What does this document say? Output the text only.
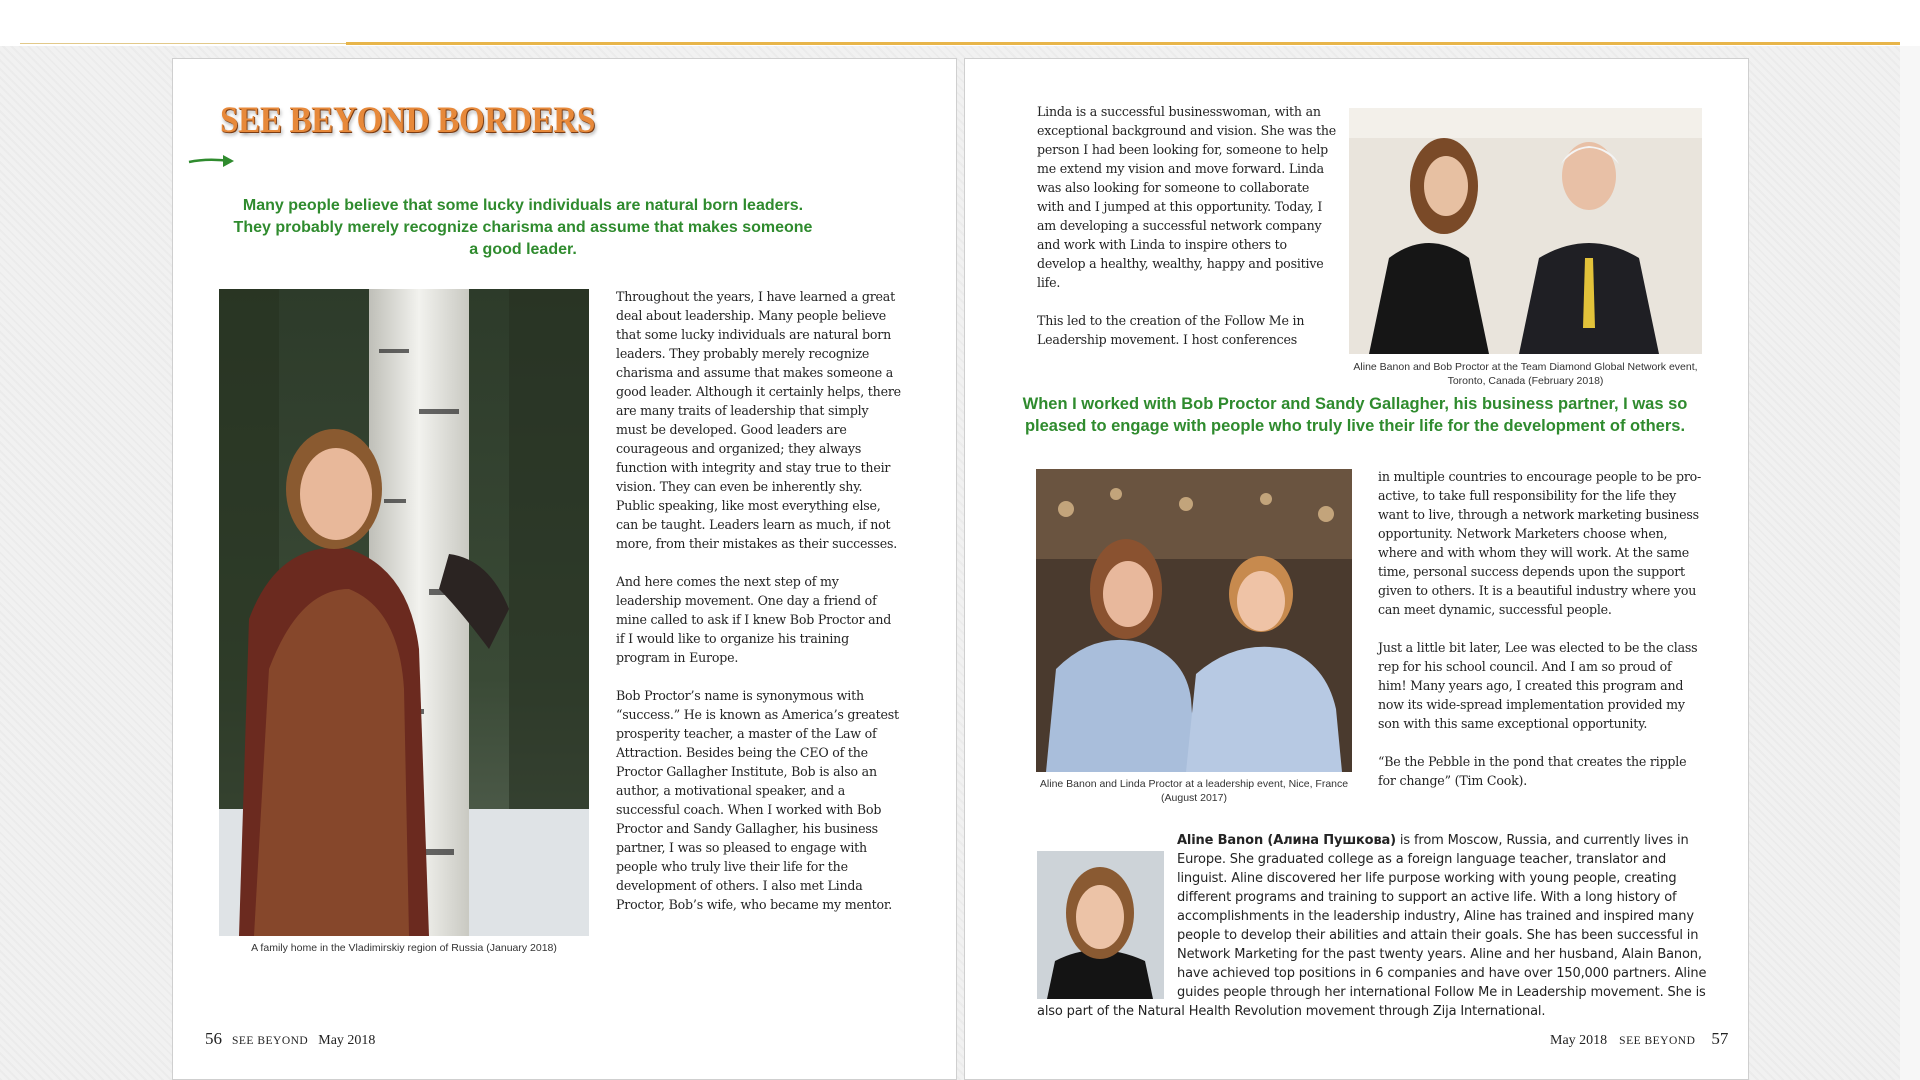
SEE BEYOND BORDERS
Many people believe that some lucky individuals are natural born leaders. They probably merely recognize charisma and assume that makes someone a good leader.
A family home in the Vladimirskiy region of Russia (January 2018)

Throughout the years, I have learned a great deal about leadership. Many people believe that some lucky individuals are natural born leaders. They probably merely recognize charisma and assume that makes someone a good leader. Although it certainly helps, there are many traits of leadership that simply must be developed. Good leaders are courageous and organized; they always function with integrity and stay true to their vision. They can even be inherently shy. Public speaking, like most everything else, can be taught. Leaders learn as much, if not more, from their mistakes as their successes.

And here comes the next step of my leadership movement. One day a friend of mine called to ask if I knew Bob Proctor and if I would like to organize his training program in Europe.

Bob Proctor’s name is synonymous with “success.” He is known as America’s greatest prosperity teacher, a master of the Law of Attraction. Besides being the CEO of the Proctor Gallagher Institute, Bob is also an author, a motivational speaker, and a successful coach. When I worked with Bob Proctor and Sandy Gallagher, his business partner, I was so pleased to engage with people who truly live their life for the development of others. I also met Linda Proctor, Bob’s wife, who became my mentor.

56 SEE BEYOND May 2018

Linda is a successful businesswoman, with an exceptional background and vision. She was the person I had been looking for, someone to help me extend my vision and move forward. Linda was also looking for someone to collaborate with and I jumped at this opportunity. Today, I am developing a successful network company and work with Linda to inspire others to develop a healthy, wealthy, happy and positive life.

This led to the creation of the Follow Me in Leadership movement. I host conferences

Aline Banon and Bob Proctor at the Team Diamond Global Network event, Toronto, Canada (February 2018)
When I worked with Bob Proctor and Sandy Gallagher, his business partner, I was so pleased to engage with people who truly live their life for the development of others.
Aline Banon and Linda Proctor at a leadership event, Nice, France (August 2017)

in multiple countries to encourage people to be pro-active, to take full responsibility for the life they want to live, through a network marketing business opportunity. Network Marketers choose when, where and with whom they will work. At the same time, personal success depends upon the support given to others. It is a beautiful industry where you can meet dynamic, successful people.

Just a little bit later, Lee was elected to be the class rep for his school council. And I am so proud of him! Many years ago, I created this program and now its wide-spread implementation provided my son with this same exceptional opportunity.

“Be the Pebble in the pond that creates the ripple for change” (Tim Cook).

Aline Banon (Алина Пушкова) is from Moscow, Russia, and currently lives in Europe. She graduated college as a foreign language teacher, translator and linguist. Aline discovered her life purpose working with young people, creating different programs and training to support an active life. With a long history of accomplishments in the leadership industry, Aline has trained and inspired many people to develop their abilities and attain their goals. She has been successful in Network Marketing for the past twenty years. Aline and her husband, Alain Banon, have achieved top positions in 6 companies and have over 150,000 partners. Aline guides people through her international Follow Me in Leadership movement. She is also part of the Natural Health Revolution movement through Zija International.
May 2018 SEE BEYOND 57
